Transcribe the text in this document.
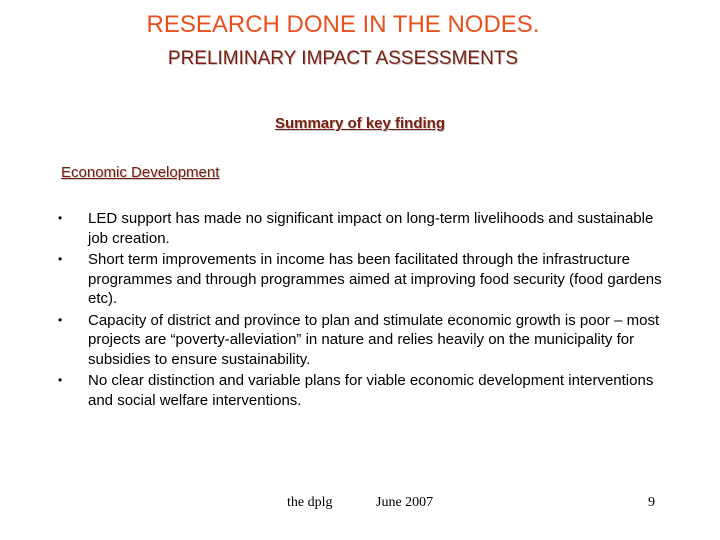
RESEARCH DONE IN THE NODES.
PRELIMINARY IMPACT ASSESSMENTS
Summary of key finding
Economic Development
•	LED support has made no significant impact on long-term livelihoods and sustainable job creation.
•	Short term improvements in income has been facilitated through the infrastructure programmes and through programmes aimed at improving food security (food gardens etc).
•	Capacity of district and province to plan and stimulate economic growth is poor – most projects are “poverty-alleviation” in nature and relies heavily on the municipality for subsidies to ensure sustainability.
•	No clear distinction and variable plans for viable economic development interventions and social welfare interventions.
the dplg	June 2007	9
